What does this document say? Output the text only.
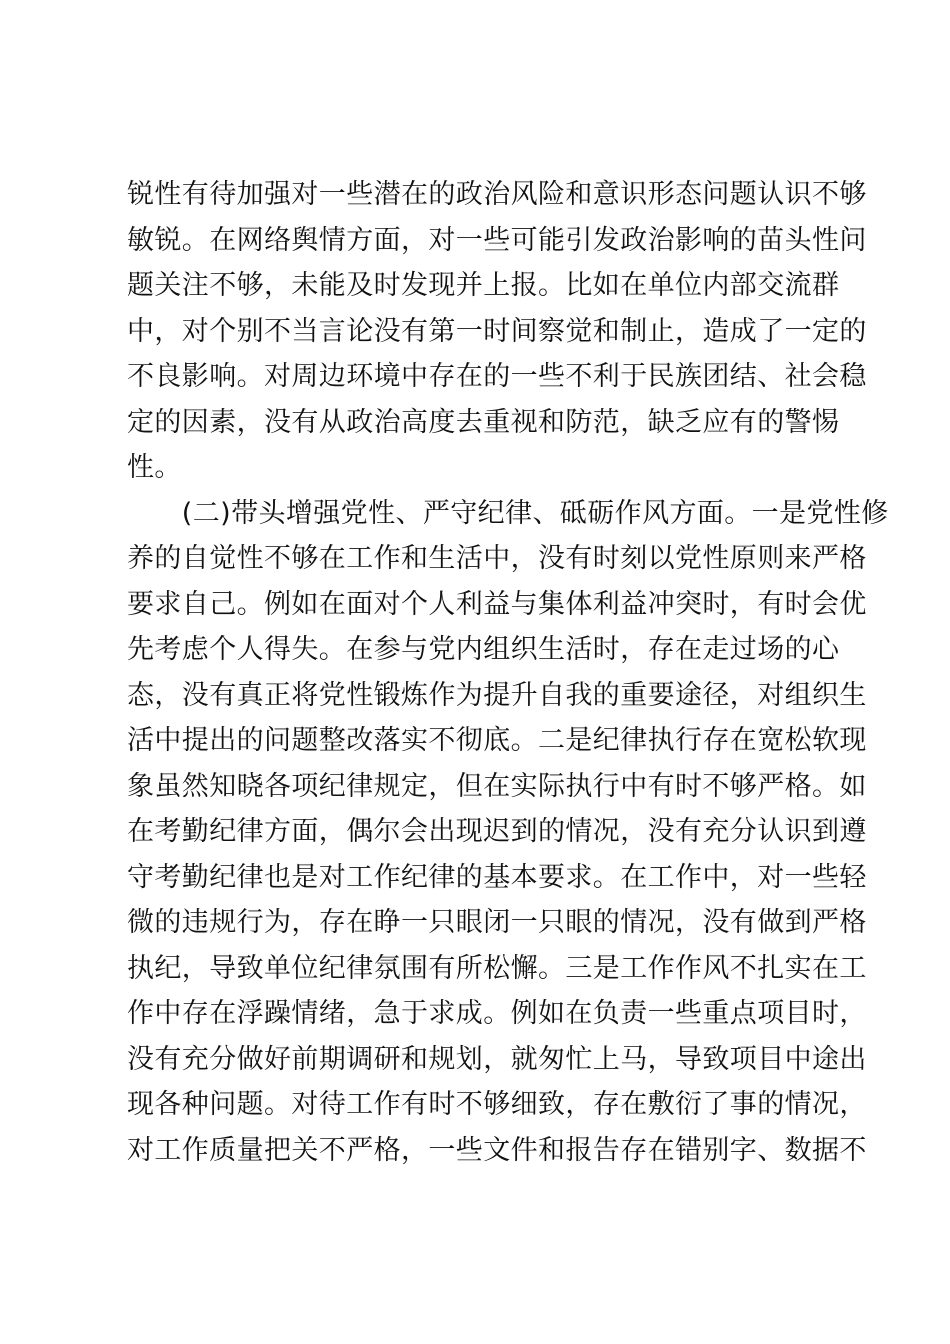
锐性有待加强对一些潜在的政治风险和意识形态问题认识不够
敏锐。在网络舆情方面，对一些可能引发政治影响的苗头性问
题关注不够，未能及时发现并上报。比如在单位内部交流群
中，对个别不当言论没有第一时间察觉和制止，造成了一定的
不良影响。对周边环境中存在的一些不利于民族团结、社会稳
定的因素，没有从政治高度去重视和防范，缺乏应有的警惕
性。
　　(二)带头增强党性、严守纪律、砥砺作风方面。一是党性修
养的自觉性不够在工作和生活中，没有时刻以党性原则来严格
要求自己。例如在面对个人利益与集体利益冲突时，有时会优
先考虑个人得失。在参与党内组织生活时，存在走过场的心
态，没有真正将党性锻炼作为提升自我的重要途径，对组织生
活中提出的问题整改落实不彻底。二是纪律执行存在宽松软现
象虽然知晓各项纪律规定，但在实际执行中有时不够严格。如
在考勤纪律方面，偶尔会出现迟到的情况，没有充分认识到遵
守考勤纪律也是对工作纪律的基本要求。在工作中，对一些轻
微的违规行为，存在睁一只眼闭一只眼的情况，没有做到严格
执纪，导致单位纪律氛围有所松懈。三是工作作风不扎实在工
作中存在浮躁情绪，急于求成。例如在负责一些重点项目时，
没有充分做好前期调研和规划，就匆忙上马，导致项目中途出
现各种问题。对待工作有时不够细致，存在敷衍了事的情况，
对工作质量把关不严格，一些文件和报告存在错别字、数据不
